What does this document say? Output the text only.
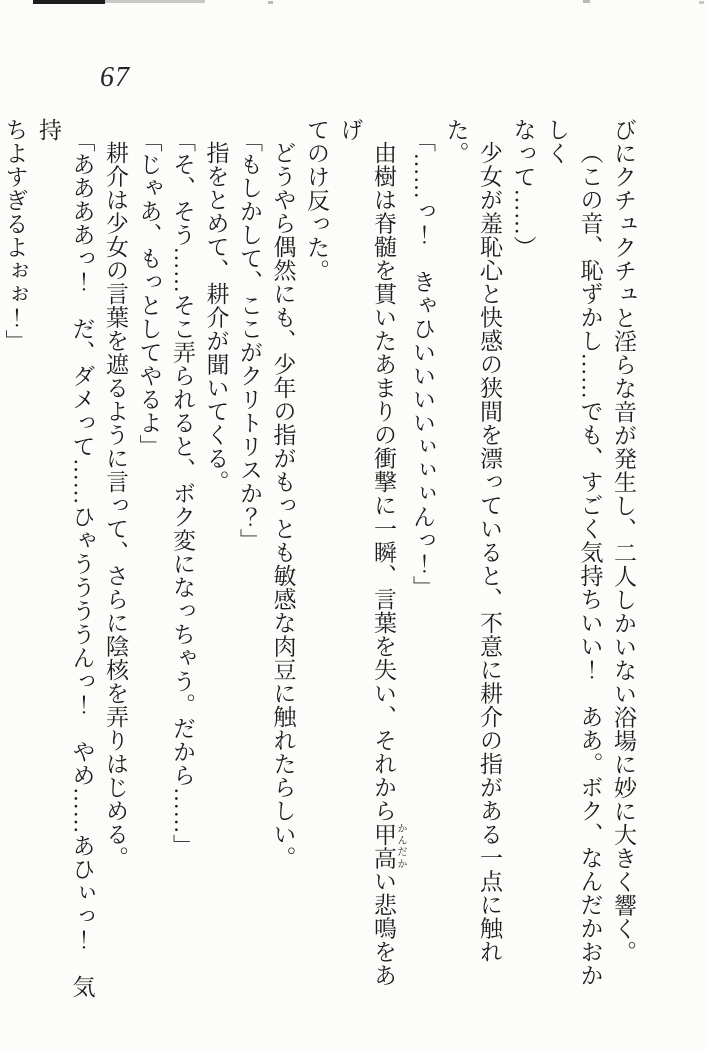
67

びにクチュクチュと淫らな音が発生し、二人しかいない浴場に妙に大きく響く。

（この音、恥ずかし……でも、すごく気持ちいい！　ああ。ボク、なんだかおかしく

なって……）

少女が羞恥心と快感の狭間を漂っていると、不意に耕介の指がある一点に触れた。

「……っ！　きゃひいいいいぃぃぃんっ！」

由樹は脊髄を貫いたあまりの衝撃に一瞬、言葉を失い、それから甲高 かんだかい悲鳴をあげ

てのけ反った。

どうやら偶然にも、少年の指がもっとも敏感な肉豆に触れたらしい。

「もしかして、ここがクリトリスか？」

指をとめて、耕介が聞いてくる。

「そ、そう……そこ弄られると、ボク変になっちゃう。だから……」

「じゃあ、もっとしてやるよ」

耕介は少女の言葉を遮るように言って、さらに陰核を弄りはじめる。

「ああああっ！　だ、ダメって……ひゃううううんっ！　やめ……あひぃっ！　気持

ちよすぎるよぉぉ！」
